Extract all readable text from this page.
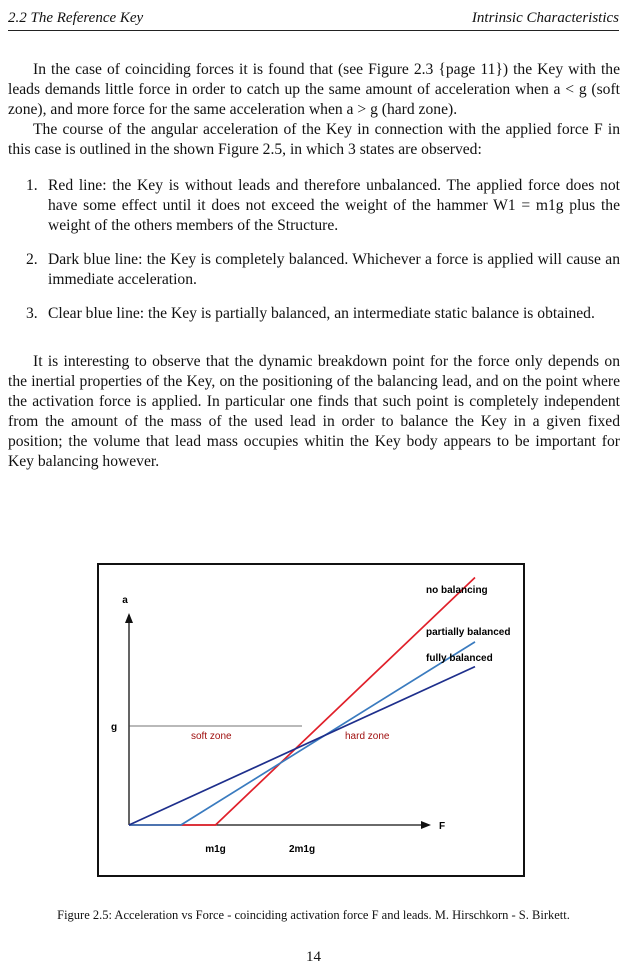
2.2 The Reference Key	Intrinsic Characteristics

In the case of coinciding forces it is found that (see Figure 2.3 {page 11}) the Key with the leads demands little force in order to catch up the same amount of acceleration when a < g (soft zone), and more force for the same acceleration when a > g (hard zone).

The course of the angular acceleration of the Key in connection with the applied force F in this case is outlined in the shown Figure 2.5, in which 3 states are observed:

1. Red line: the Key is without leads and therefore unbalanced. The applied force does not have some effect until it does not exceed the weight of the hammer W1 = m1g plus the weight of the others members of the Structure.
2. Dark blue line: the Key is completely balanced. Whichever a force is applied will cause an immediate acceleration.
3. Clear blue line: the Key is partially balanced, an intermediate static balance is obtained.

It is interesting to observe that the dynamic breakdown point for the force only depends on the inertial properties of the Key, on the positioning of the balancing lead, and on the point where the activation force is applied. In particular one finds that such point is completely independent from the amount of the mass of the used lead in order to balance the Key in a given fixed position; the volume that lead mass occupies whitin the Key body appears to be important for Key balancing however.

a
F
g
m1g	2m1g
soft zone	hard zone
no balancing
partially balanced
fully balanced
Figure 2.5: Acceleration vs Force - coinciding activation force F and leads. M. Hirschkorn - S. Birkett.
14
